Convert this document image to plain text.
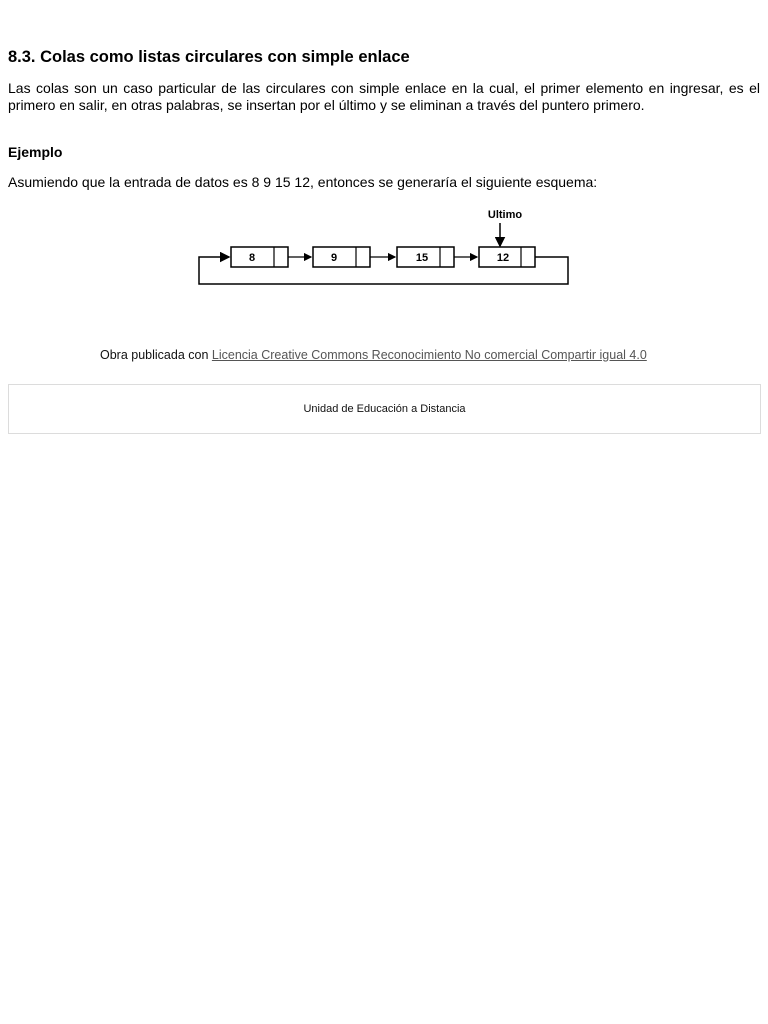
8.3. Colas como listas circulares con simple enlace

Las colas son un caso particular de las circulares con simple enlace en la cual, el primer elemento en ingresar, es el primero en salir, en otras palabras, se insertan por el último y se eliminan a través del puntero primero.

Ejemplo

Asumiendo que la entrada de datos es 8 9 15 12, entonces se generaría el siguiente esquema:

Ultimo
8	9	15	12
Obra publicada con Licencia Creative Commons Reconocimiento No comercial Compartir igual 4.0
Unidad de Educación a Distancia
